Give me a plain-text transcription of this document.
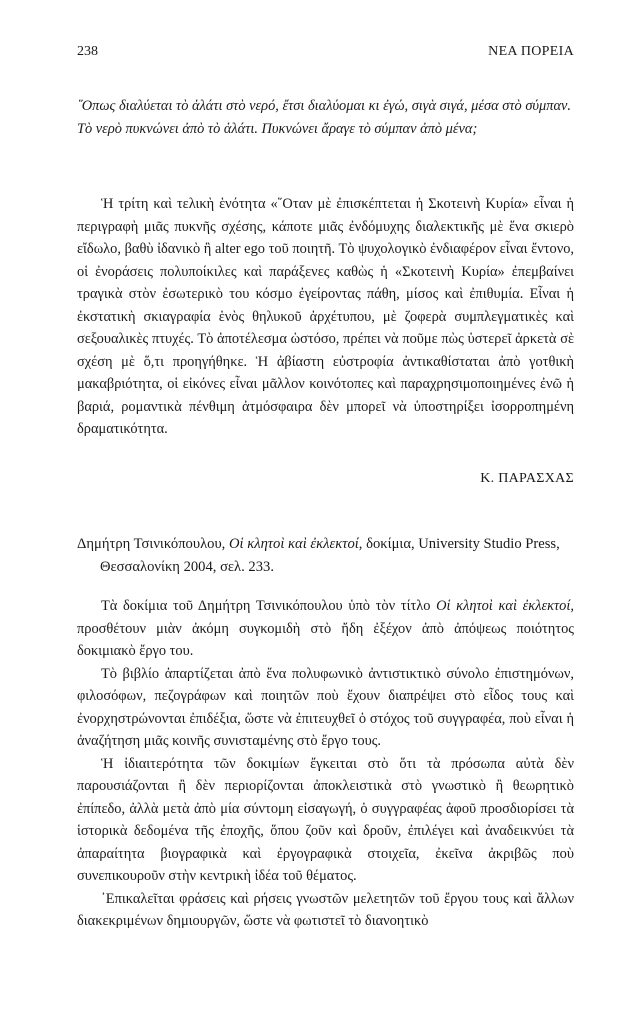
238	ΝΕΑ ΠΟΡΕΙΑ

῞Οπως διαλύεται τὸ ἁλάτι στὸ νερό, ἔτσι διαλύομαι κι ἐγώ, σιγὰ σιγά, μέσα στὸ σύμπαν.

Τὸ νερὸ πυκνώνει ἀπὸ τὸ ἁλάτι. Πυκνώνει ἄραγε τὸ σύμπαν ἀπὸ μένα;

Ἡ τρίτη καὶ τελικὴ ἑνότητα «῞Οταν μὲ ἐπισκέπτεται ἡ Σκοτεινὴ Κυρία» εἶναι ἡ περιγραφὴ μιᾶς πυκνῆς σχέσης, κάποτε μιᾶς ἐνδόμυχης διαλεκτικῆς μὲ ἕνα σκιερὸ εἴδωλο, βαθὺ ἰδανικὸ ἢ alter ego τοῦ ποιητῆ. Τὸ ψυχολογικὸ ἐνδιαφέρον εἶναι ἔντονο, οἱ ἐνοράσεις πολυποίκιλες καὶ παράξενες καθὼς ἡ «Σκοτεινὴ Κυρία» ἐπεμβαίνει τραγικὰ στὸν ἐσωτερικὸ του κόσμο ἐγείροντας πάθη, μίσος καὶ ἐπιθυμία. Εἶναι ἡ ἐκστατικὴ σκιαγραφία ἑνὸς θηλυκοῦ ἀρχέτυπου, μὲ ζοφερὰ συμπλεγματικὲς καὶ σεξουαλικὲς πτυχές. Τὸ ἀποτέλεσμα ὡστόσο, πρέπει νὰ ποῦμε πὼς ὑστερεῖ ἀρκετὰ σὲ σχέση μὲ ὅ,τι προηγήθηκε. Ἡ ἀβίαστη εὐστροφία ἀντικαθίσταται ἀπὸ γοτθικὴ μακαβριότητα, οἱ εἰκόνες εἶναι μᾶλλον κοινότοπες καὶ παραχρησιμοποιημένες ἐνῶ ἡ βαριά, ρομαντικὰ πένθιμη ἀτμόσφαιρα δὲν μπορεῖ νὰ ὑποστηρίξει ἰσορροπημένη δραματικότητα.

Κ. ΠΑΡΑΣΧΑΣ
Δημήτρη Τσινικόπουλου, Οἱ κλητοὶ καὶ ἐκλεκτοί, δοκίμια, University Studio Press, Θεσσαλονίκη 2004, σελ. 233.

Τὰ δοκίμια τοῦ Δημήτρη Τσινικόπουλου ὑπὸ τὸν τίτλο Οἱ κλητοὶ καὶ ἐκλεκτοί, προσθέτουν μιὰν ἀκόμη συγκομιδὴ στὸ ἤδη ἐξέχον ἀπὸ ἀπόψεως ποιότητος δοκιμιακὸ ἔργο του.

Τὸ βιβλίο ἀπαρτίζεται ἀπὸ ἕνα πολυφωνικὸ ἀντιστικτικὸ σύνολο ἐπιστημόνων, φιλοσόφων, πεζογράφων καὶ ποιητῶν ποὺ ἔχουν διαπρέψει στὸ εἶδος τους καὶ ἐνορχηστρώνονται ἐπιδέξια, ὥστε νὰ ἐπιτευχθεῖ ὁ στόχος τοῦ συγγραφέα, ποὺ εἶναι ἡ ἀναζήτηση μιᾶς κοινῆς συνισταμένης στὸ ἔργο τους.

Ἡ ἰδιαιτερότητα τῶν δοκιμίων ἔγκειται στὸ ὅτι τὰ πρόσωπα αὐτὰ δὲν παρουσιάζονται ἢ δὲν περιορίζονται ἀποκλειστικὰ στὸ γνωστικὸ ἢ θεωρητικὸ ἐπίπεδο, ἀλλὰ μετὰ ἀπὸ μία σύντομη εἰσαγωγή, ὁ συγγραφέας ἀφοῦ προσδιορίσει τὰ ἱστορικὰ δεδομένα τῆς ἐποχῆς, ὅπου ζοῦν καὶ δροῦν, ἐπιλέγει καὶ ἀναδεικνύει τὰ ἀπαραίτητα βιογραφικὰ καὶ ἐργογραφικὰ στοιχεῖα, ἐκεῖνα ἀκριβῶς ποὺ συνεπικουροῦν στὴν κεντρικὴ ἰδέα τοῦ θέματος.

᾿Επικαλεῖται φράσεις καὶ ρήσεις γνωστῶν μελετητῶν τοῦ ἔργου τους καὶ ἄλλων διακεκριμένων δημιουργῶν, ὥστε νὰ φωτιστεῖ τὸ διανοητικὸ
